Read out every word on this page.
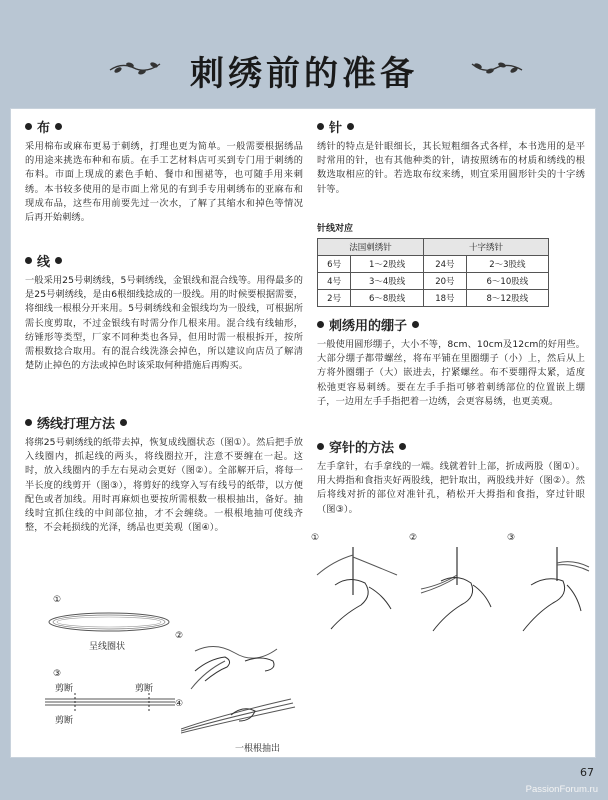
刺绣前的准备
布

采用棉布或麻布更易于刺绣，打理也更为简单。一般需要根据绣品的用途来挑选布种和布质。在手工艺材料店可买到专门用于刺绣的布料。市面上现成的素色手帕、餐巾和围裙等，也可随手用来刺绣。本书较多使用的是市面上常见的有到手专用刺绣布的亚麻布和现成布品，这些布用前要先过一次水，了解了其缩水和掉色等情况后再开始刺绣。

线

一般采用25号刺绣线，5号刺绣线，金银线和混合线等。用得最多的是25号刺绣线，是由6根细线捻成的一股线。用的时候要根据需要，将细线一根根分开来用。5号刺绣线和金银线均为一股线，可根据所需长度剪取，不过金银线有时需分作几根来用。混合线有线轴形，纺锤形等类型，厂家不同种类也各异，但用时需一根根拆开，按所需根数捻合取用。有的混合线洗涤会掉色，所以建议向店员了解清楚防止掉色的方法或掉色时该采取何种措施后再购买。

绣线打理方法

将绑25号刺绣线的纸带去掉，恢复成线圈状态（图①）。然后把手放入线圈内，抓起线的两头，将线圈拉开，注意不要缠在一起。这时，放入线圈内的手左右晃动会更好（图②）。全部解开后，将每一半长度的线剪开（图③），将剪好的线穿入写有线号的纸带，以方便配色或者加线。用时再麻烦也要按所需根数一根根抽出，备好。抽线时宜抓住线的中间部位抽，才不会缠绕。一根根地抽可使线齐整，不会耗损线的光泽，绣品也更美观（图④）。

①
呈线圈状
②
③
剪断	剪断
剪断
④
一根根抽出
针

绣针的特点是针眼细长，其长短粗细各式各样，本书选用的是平时常用的针，也有其他种类的针，请按照绣布的材质和绣线的根数选取相应的针。若选取布纹来绣，则宜采用圆形针尖的十字绣针等。

针线对应
法国刺绣针		十字绣针	
6号	1～2股线	24号	2～3股线
4号	3～4股线	20号	6～10股线
2号	6～8股线	18号	8～12股线
刺绣用的绷子

一般使用圆形绷子，大小不等，8cm、10cm及12cm的好用些。大部分绷子都带螺丝，将布平铺在里圈绷子（小）上，然后从上方将外圈绷子（大）嵌进去，拧紧螺丝。布不要绷得太紧，适度松弛更容易刺绣。要在左手手指可够着刺绣部位的位置嵌上绷子，一边用左手手指把着一边绣，会更容易绣，也更美观。

穿针的方法

左手拿针，右手拿线的一端。线就着针上部，折成两股（图①）。用大拇指和食指夹好两股线，把针取出，两股线并好（图②）。然后将线对折的部位对准针孔，稍松开大拇指和食指，穿过针眼（图③）。

①	②	③
67
PassionForum.ru
